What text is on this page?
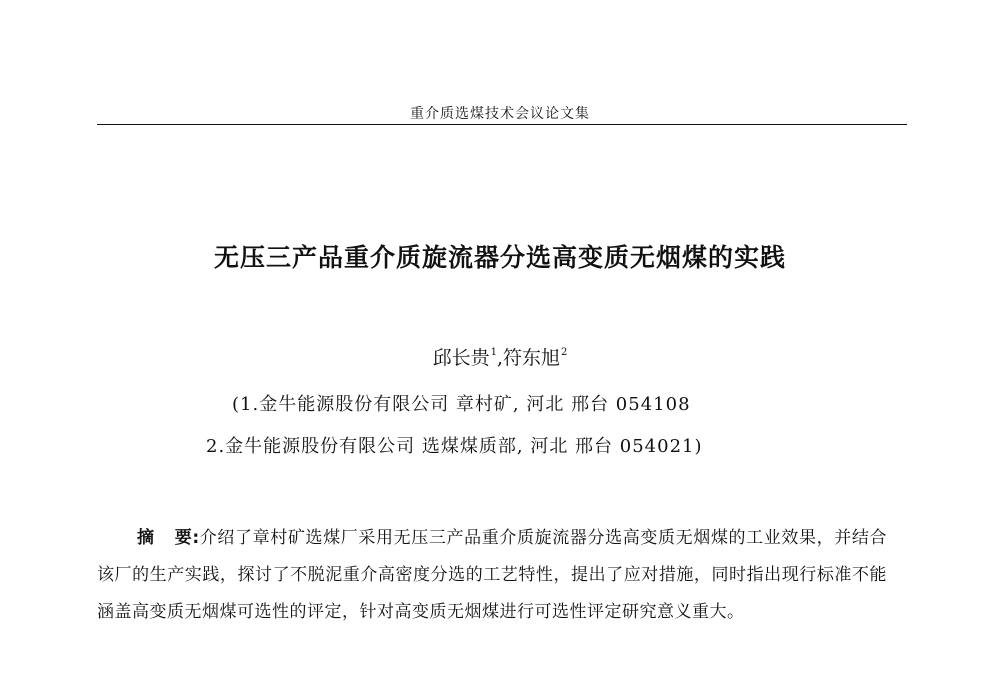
重介质选煤技术会议论文集
无压三产品重介质旋流器分选高变质无烟煤的实践
邱长贵$^1$,符东旭$^2$
(1.金牛能源股份有限公司 章村矿, 河北 邢台 054108
2.金牛能源股份有限公司 选煤煤质部, 河北 邢台 054021)
摘 要:介绍了章村矿选煤厂采用无压三产品重介质旋流器分选高变质无烟煤的工业效果，并结合该厂的生产实践，探讨了不脱泥重介高密度分选的工艺特性，提出了应对措施，同时指出现行标准不能涵盖高变质无烟煤可选性的评定，针对高变质无烟煤进行可选性评定研究意义重大。
